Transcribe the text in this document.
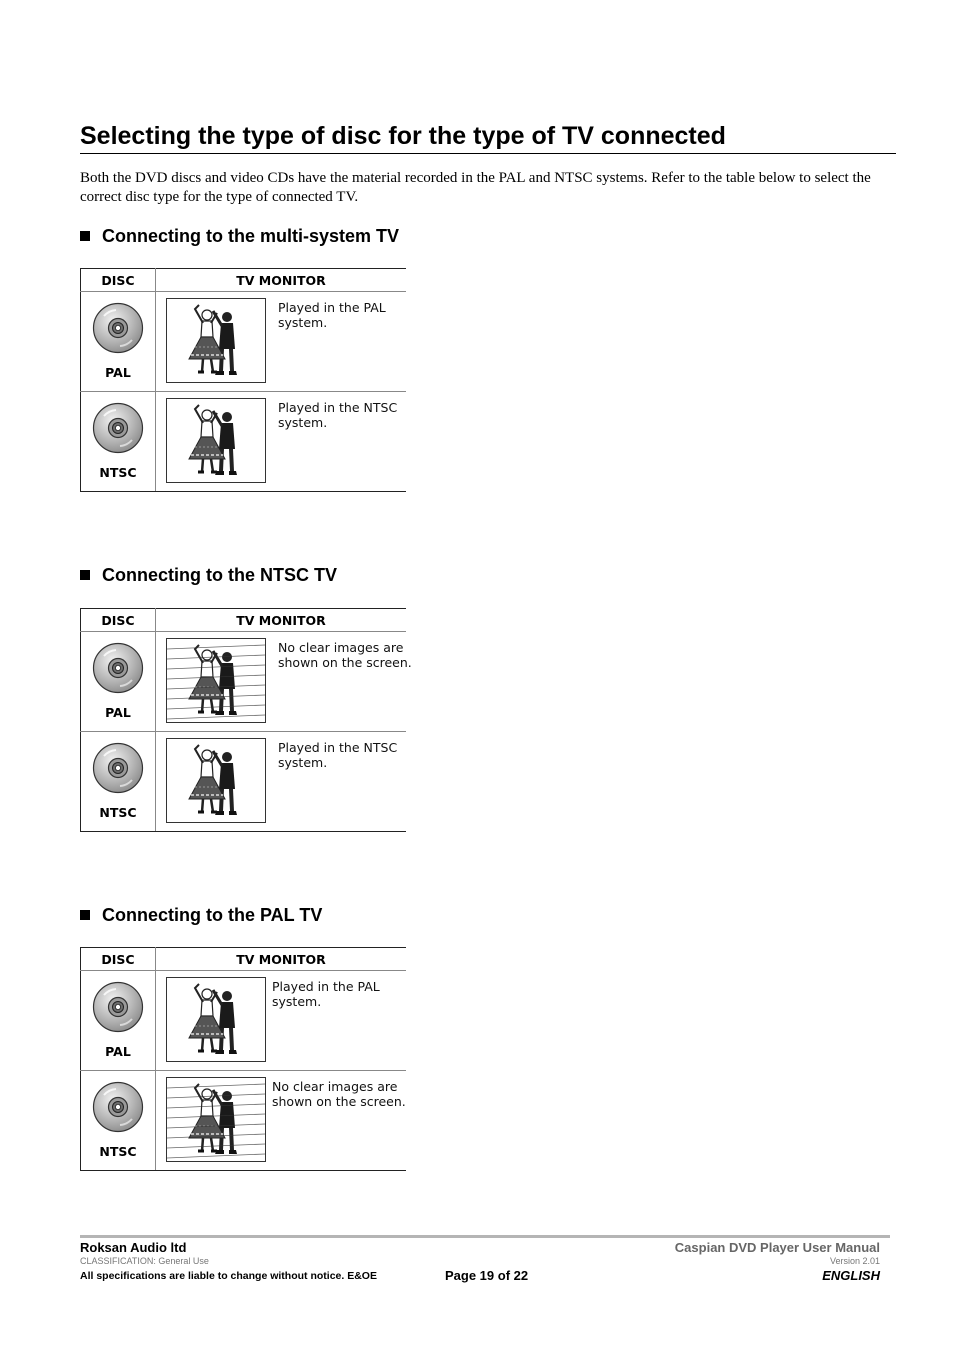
Selecting the type of disc for the type of TV connected

Both the DVD discs and video CDs have the material recorded in the PAL and NTSC systems. Refer to the table below to select the correct disc type for the type of connected TV.

Connecting to the multi-system TV
DISC	TV MONITOR

PAL	Played in the PAL system.

NTSC	Played in the NTSC system.
Connecting to the NTSC TV
DISC	TV MONITOR

PAL	No clear images are shown on the screen.

NTSC	Played in the NTSC system.
Connecting to the PAL TV
DISC	TV MONITOR

PAL	Played in the PAL system.

NTSC	No clear images are shown on the screen.

Roksan Audio ltd

CLASSIFICATION: General Use

All specifications are liable to change without notice. E&OE	Page 19 of 22

Caspian DVD Player User Manual

Version 2.01

ENGLISH
